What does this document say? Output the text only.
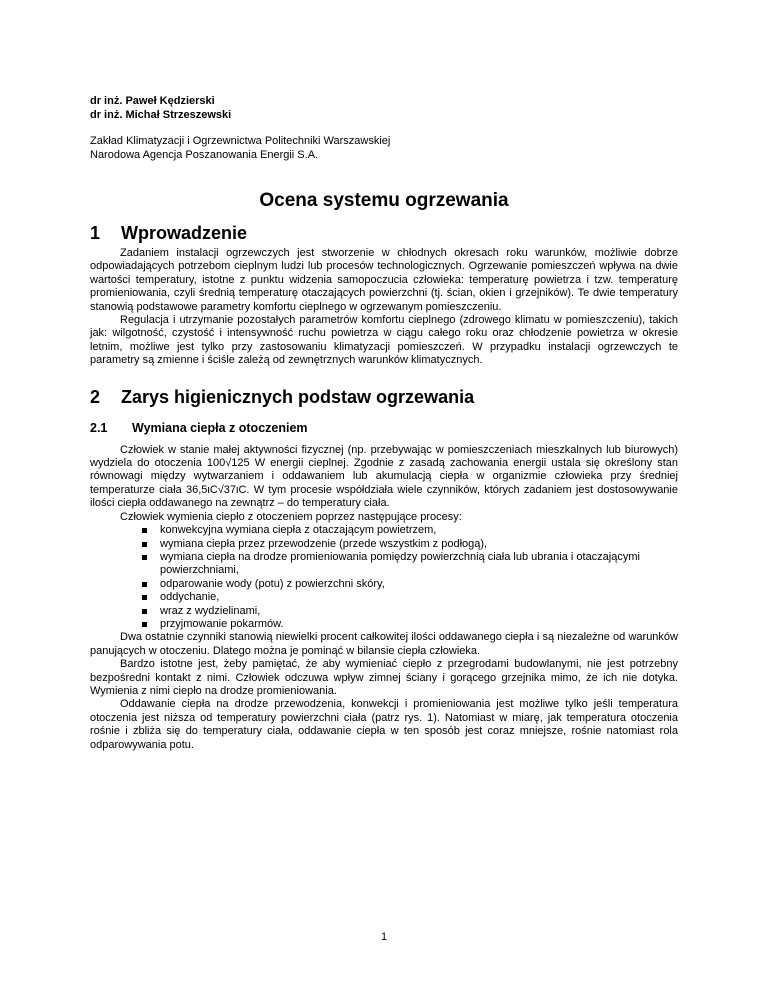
dr inż. Paweł Kędzierski
dr inż. Michał Strzeszewski
Zakład Klimatyzacji i Ogrzewnictwa Politechniki Warszawskiej
Narodowa Agencja Poszanowania Energii S.A.
Ocena systemu ogrzewania
1	Wprowadzenie

Zadaniem instalacji ogrzewczych jest stworzenie w chłodnych okresach roku warunków, możliwie dobrze odpowiadających potrzebom cieplnym ludzi lub procesów technologicznych. Ogrzewanie pomieszczeń wpływa na dwie wartości temperatury, istotne z punktu widzenia samopoczucia człowieka: temperaturę powietrza i tzw. temperaturę promieniowania, czyli średnią temperaturę otaczających powierzchni (tj. ścian, okien i grzejników). Te dwie temperatury stanowią podstawowe parametry komfortu cieplnego w ogrzewanym pomieszczeniu.

Regulacja i utrzymanie pozostałych parametrów komfortu cieplnego (zdrowego klimatu w pomieszczeniu), takich jak: wilgotność, czystość i intensywność ruchu powietrza w ciągu całego roku oraz chłodzenie powietrza w okresie letnim, możliwe jest tylko przy zastosowaniu klimatyzacji pomieszczeń. W przypadku instalacji ogrzewczych te parametry są zmienne i ściśle zależą od zewnętrznych warunków klimatycznych.

2	Zarys higienicznych podstaw ogrzewania
2.1	Wymiana ciepła z otoczeniem

Człowiek w stanie małej aktywności fizycznej (np. przebywając w pomieszczeniach mieszkalnych lub biurowych) wydziela do otoczenia 100√125 W energii cieplnej. Zgodnie z zasadą zachowania energii ustala się określony stan równowagi między wytwarzaniem i oddawaniem lub akumulacją ciepła w organizmie człowieka przy średniej temperaturze ciała 36,5ιC√37ιC. W tym procesie współdziała wiele czynników, których zadaniem jest dostosowywanie ilości ciepła oddawanego na zewnątrz – do temperatury ciała.

Człowiek wymienia ciepło z otoczeniem poprzez następujące procesy:

konwekcyjna wymiana ciepła z otaczającym powietrzem,
wymiana ciepła przez przewodzenie (przede wszystkim z podłogą),
wymiana ciepła na drodze promieniowania pomiędzy powierzchnią ciała lub ubrania i otaczającymi powierzchniami,
odparowanie wody (potu) z powierzchni skóry,
oddychanie,
wraz z wydzielinami,
przyjmowanie pokarmów.

Dwa ostatnie czynniki stanowią niewielki procent całkowitej ilości oddawanego ciepła i są niezależne od warunków panujących w otoczeniu. Dlatego można je pominąć w bilansie ciepła człowieka.

Bardzo istotne jest, żeby pamiętać, że aby wymieniać ciepło z przegrodami budowlanymi, nie jest potrzebny bezpośredni kontakt z nimi. Człowiek odczuwa wpływ zimnej ściany i gorącego grzejnika mimo, że ich nie dotyka. Wymienia z nimi ciepło na drodze promieniowania.

Oddawanie ciepła na drodze przewodzenia, konwekcji i promieniowania jest możliwe tylko jeśli temperatura otoczenia jest niższa od temperatury powierzchni ciała (patrz rys. 1). Natomiast w miarę, jak temperatura otoczenia rośnie i zbliża się do temperatury ciała, oddawanie ciepła w ten sposób jest coraz mniejsze, rośnie natomiast rola odparowywania potu.

1
